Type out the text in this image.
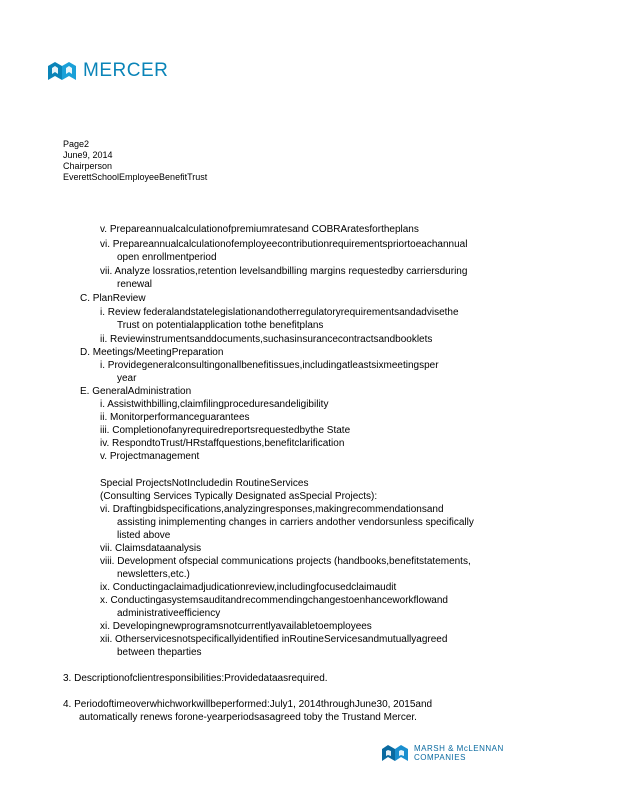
MERCER
Page2
June9, 2014
Chairperson
EverettSchoolEmployeeBenefitTrust
v. Prepareannualcalculationofpremiumratesand COBRAratesfortheplans
vi. Prepareannualcalculationofemployeecontributionrequirementspriortoeachannual
open enrollmentperiod
vii. Analyze lossratios,retention levelsandbilling margins requestedby carriersduring
renewal
C. PlanReview
i. Review federalandstatelegislationandotherregulatoryrequirementsandadvisethe
Trust on potentialapplication tothe benefitplans
ii. Reviewinstrumentsanddocuments,suchasinsurancecontractsandbooklets
D. Meetings/MeetingPreparation
i. Providegeneralconsultingonallbenefitissues,includingatleastsixmeetingsper
year
E. GeneralAdministration
i. Assistwithbilling,claimfilingproceduresandeligibility
ii. Monitorperformanceguarantees
iii. Completionofanyrequiredreportsrequestedbythe State
iv. RespondtoTrust/HRstaffquestions,benefitclarification
v. Projectmanagement
Special ProjectsNotIncludedin RoutineServices
(Consulting Services Typically Designated asSpecial Projects):
vi. Draftingbidspecifications,analyzingresponses,makingrecommendationsand
assisting inimplementing changes in carriers andother vendorsunless specifically
listed above
vii. Claimsdataanalysis
viii. Development ofspecial communications projects (handbooks,benefitstatements,
newsletters,etc.)
ix. Conductingaclaimadjudicationreview,includingfocusedclaimaudit
x. Conductingasystemsauditandrecommendingchangestoenhanceworkflowand
administrativeefficiency
xi. Developingnewprogramsnotcurrentlyavailabletoemployees
xii. Otherservicesnotspecificallyidentified inRoutineServicesandmutuallyagreed
between theparties
3. Descriptionofclientresponsibilities:Providedataasrequired.
4. Periodoftimeoverwhichworkwillbeperformed:July1, 2014throughJune30, 2015and
automatically renews forone-yearperiodsasagreed toby the Trustand Mercer.
MARSH & McLENNAN
COMPANIES
